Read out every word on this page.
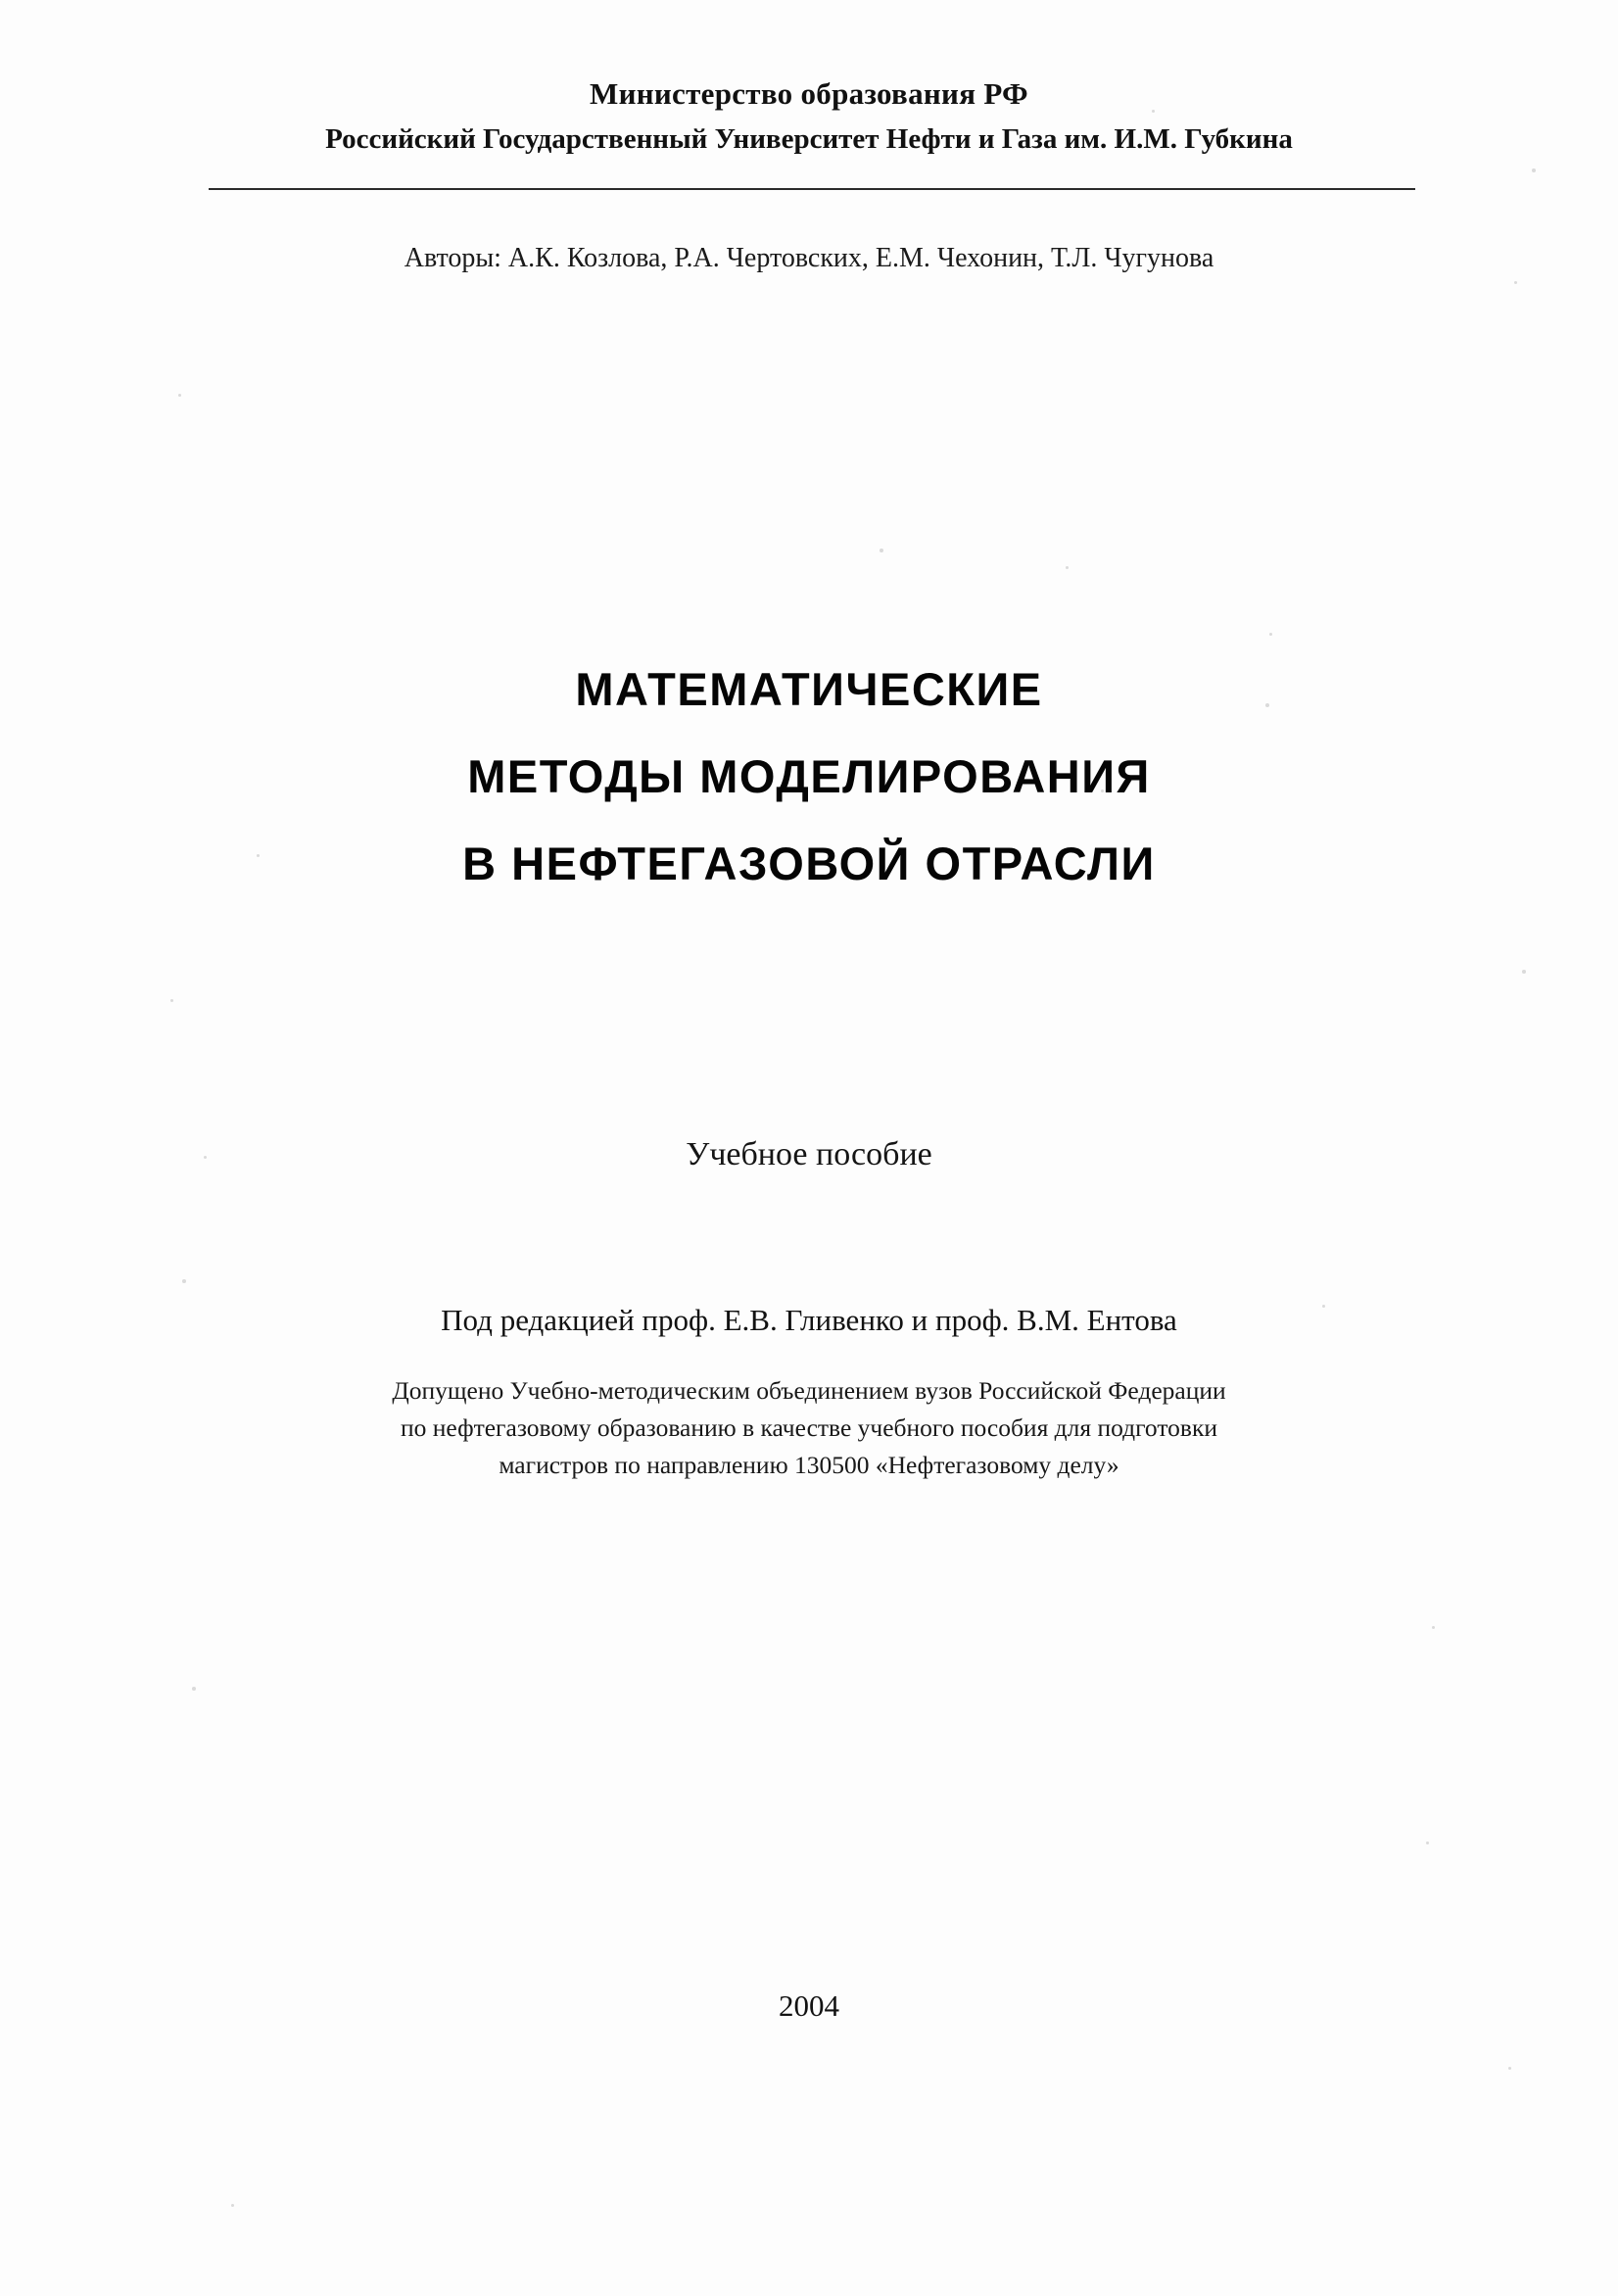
Министерство образования РФ
Российский Государственный Университет Нефти и Газа им. И.М. Губкина
Авторы: А.К. Козлова, Р.А. Чертовских, Е.М. Чехонин, Т.Л. Чугунова
МАТЕМАТИЧЕСКИЕ
МЕТОДЫ МОДЕЛИРОВАНИЯ
В НЕФТЕГАЗОВОЙ ОТРАСЛИ
Учебное пособие
Под редакцией проф. Е.В. Гливенко и проф. В.М. Ентова
Допущено Учебно-методическим объединением вузов Российской Федерации
по нефтегазовому образованию в качестве учебного пособия для подготовки
магистров по направлению 130500 «Нефтегазовому делу»
2004
